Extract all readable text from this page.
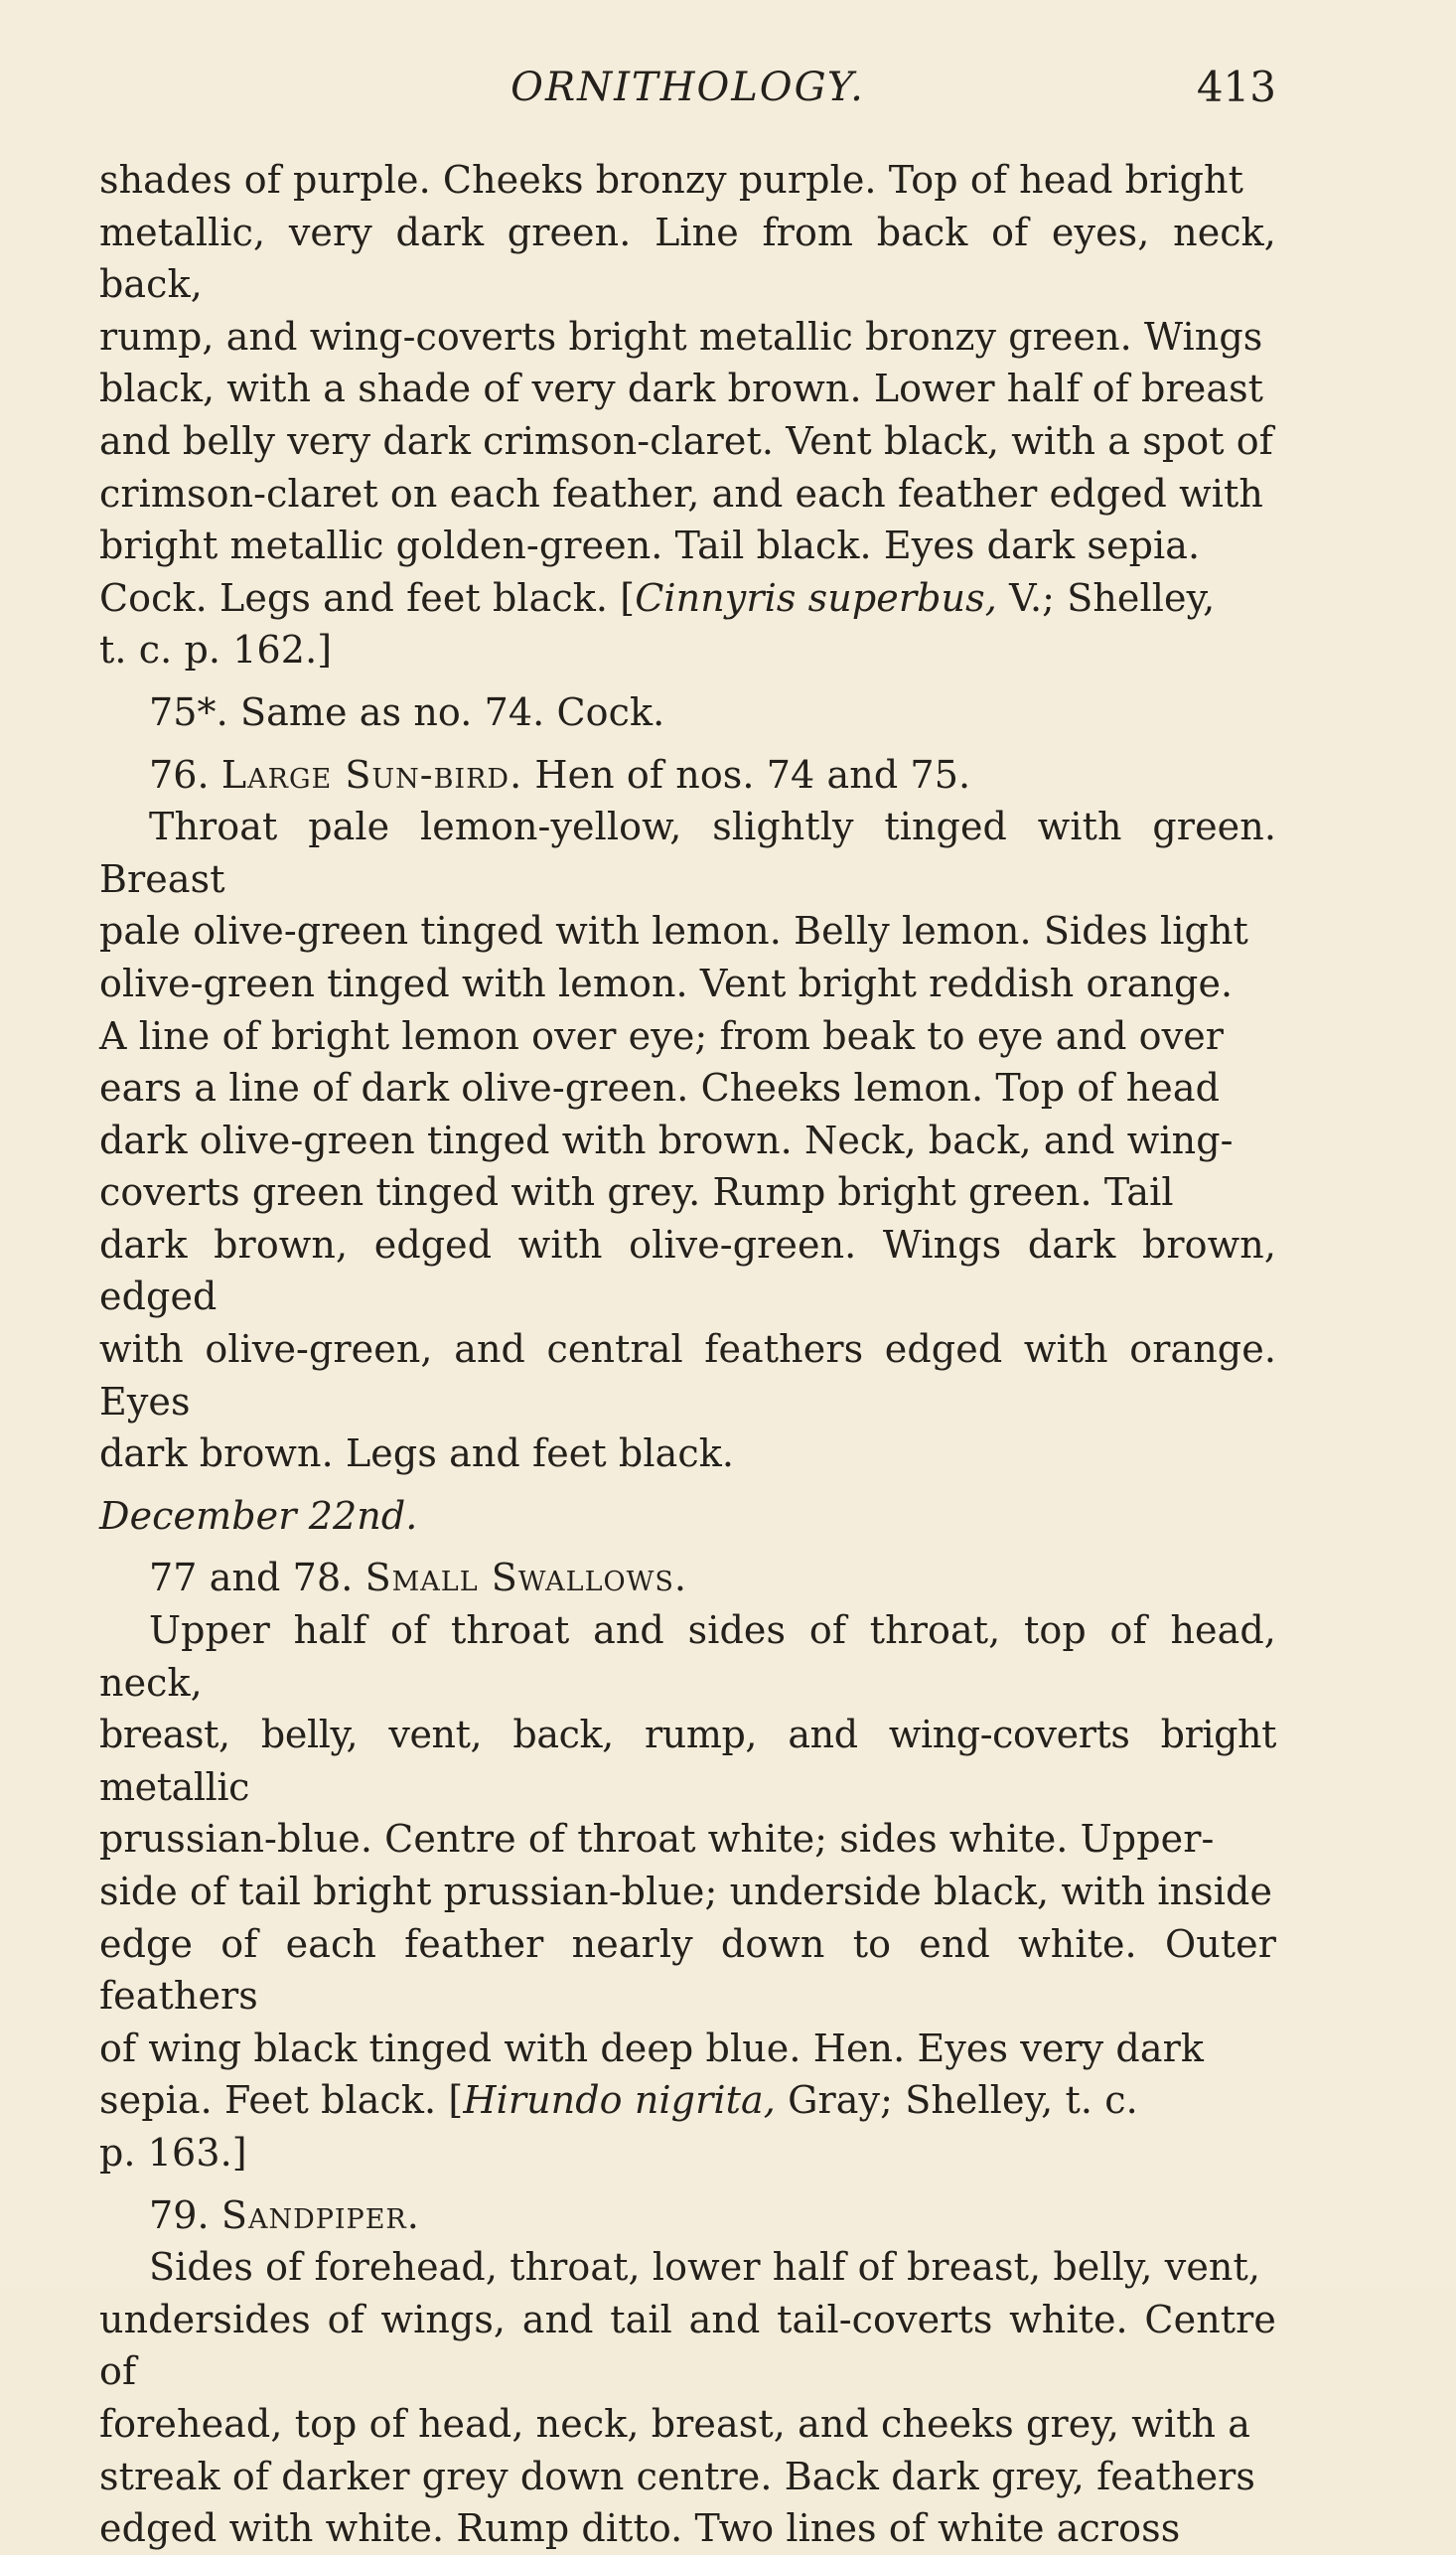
ORNITHOLOGY.	413

shades of purple. Cheeks bronzy purple. Top of head bright
metallic, very dark green. Line from back of eyes, neck, back,
rump, and wing-coverts bright metallic bronzy green. Wings
black, with a shade of very dark brown. Lower half of breast
and belly very dark crimson-claret. Vent black, with a spot of
crimson-claret on each feather, and each feather edged with
bright metallic golden-green. Tail black. Eyes dark sepia.
Cock. Legs and feet black. [Cinnyris superbus, V.; Shelley,
t. c. p. 162.]

75*. Same as no. 74. Cock.

76. Large Sun-bird. Hen of nos. 74 and 75.

Throat pale lemon-yellow, slightly tinged with green. Breast
pale olive-green tinged with lemon. Belly lemon. Sides light
olive-green tinged with lemon. Vent bright reddish orange.
A line of bright lemon over eye; from beak to eye and over
ears a line of dark olive-green. Cheeks lemon. Top of head
dark olive-green tinged with brown. Neck, back, and wing-
coverts green tinged with grey. Rump bright green. Tail
dark brown, edged with olive-green. Wings dark brown, edged
with olive-green, and central feathers edged with orange. Eyes
dark brown. Legs and feet black.

December 22nd.

77 and 78. Small Swallows.

Upper half of throat and sides of throat, top of head, neck,
breast, belly, vent, back, rump, and wing-coverts bright metallic
prussian-blue. Centre of throat white; sides white. Upper-
side of tail bright prussian-blue; underside black, with inside
edge of each feather nearly down to end white. Outer feathers
of wing black tinged with deep blue. Hen. Eyes very dark
sepia. Feet black. [Hirundo nigrita, Gray; Shelley, t. c.
p. 163.]

79. Sandpiper.

Sides of forehead, throat, lower half of breast, belly, vent,
undersides of wings, and tail and tail-coverts white. Centre of
forehead, top of head, neck, breast, and cheeks grey, with a
streak of darker grey down centre. Back dark grey, feathers
edged with white. Rump ditto. Two lines of white across
